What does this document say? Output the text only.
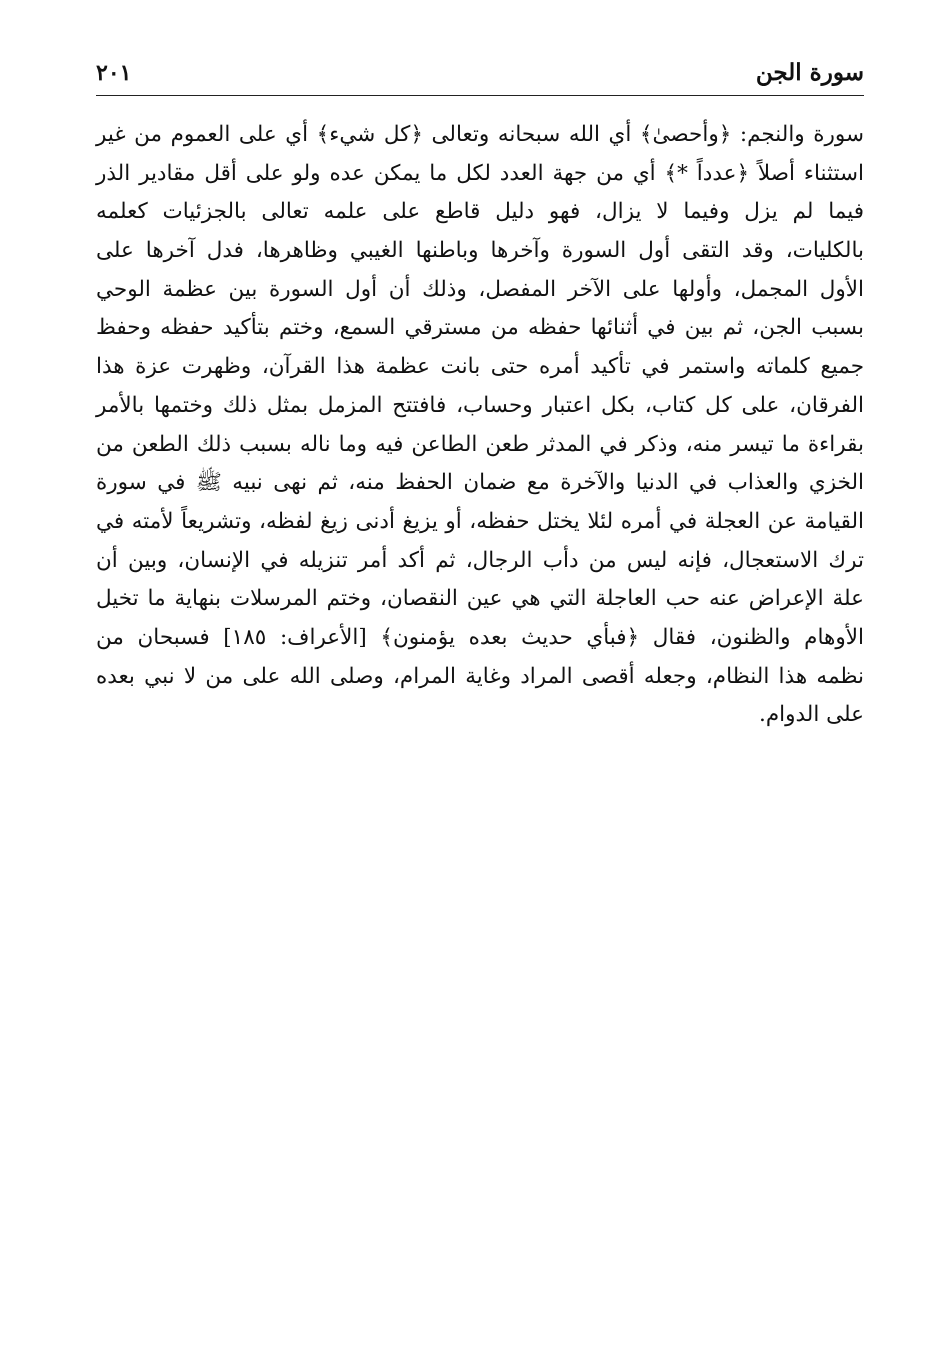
سورة الجن
٢٠١
سورة والنجم: ﴿وأحصىٰ﴾ أي الله سبحانه وتعالى ﴿كل شيء﴾ أي على العموم من غير
استثناء أصلاً ﴿عدداً *﴾ أي من جهة العدد لكل ما يمكن عده ولو على أقل مقادير الذر
فيما لم يزل وفيما لا يزال، فهو دليل قاطع على علمه تعالى بالجزئيات كعلمه
بالكليات، وقد التقى أول السورة وآخرها وباطنها الغيبي وظاهرها، فدل آخرها على
الأول المجمل، وأولها على الآخر المفصل، وذلك أن أول السورة بين عظمة الوحي
بسبب الجن، ثم بين في أثنائها حفظه من مسترقي السمع، وختم بتأكيد حفظه وحفظ
جميع كلماته واستمر في تأكيد أمره حتى بانت عظمة هذا القرآن، وظهرت عزة هذا
الفرقان، على كل كتاب، بكل اعتبار وحساب، فافتتح المزمل بمثل ذلك وختمها بالأمر
بقراءة ما تيسر منه، وذكر في المدثر طعن الطاعن فيه وما ناله بسبب ذلك الطعن من
الخزي والعذاب في الدنيا والآخرة مع ضمان الحفظ منه، ثم نهى نبيه ﷺ في سورة
القيامة عن العجلة في أمره لئلا يختل حفظه، أو يزيغ أدنى زيغ لفظه، وتشريعاً لأمته في
ترك الاستعجال، فإنه ليس من دأب الرجال، ثم أكد أمر تنزيله في الإنسان، وبين أن
علة الإعراض عنه حب العاجلة التي هي عين النقصان، وختم المرسلات بنهاية ما تخيل
الأوهام والظنون، فقال ﴿فبأي حديث بعده يؤمنون﴾ [الأعراف: ١٨٥] فسبحان من
نظمه هذا النظام، وجعله أقصى المراد وغاية المرام، وصلى الله على من لا نبي بعده
على الدوام.
